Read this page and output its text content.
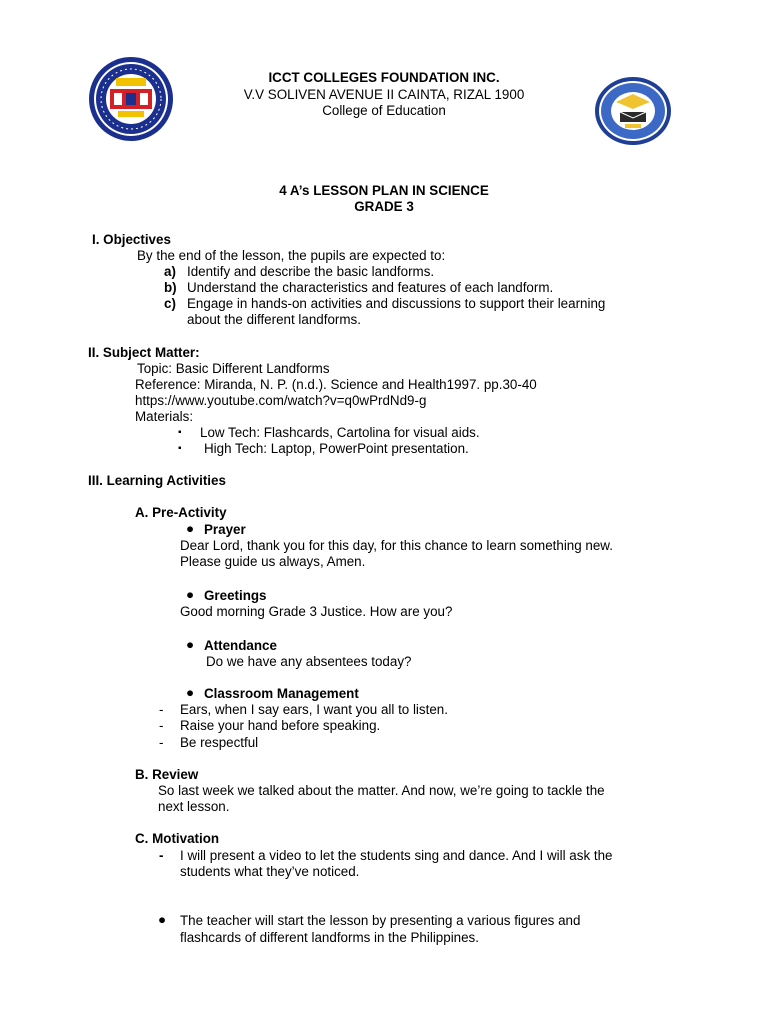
ICCT COLLEGES FOUNDATION INC.
V.V SOLIVEN AVENUE II CAINTA, RIZAL 1900
College of Education
4 A’s LESSON PLAN IN SCIENCE
GRADE 3
I. Objectives
By the end of the lesson, the pupils are expected to:
a) Identify and describe the basic landforms.
b) Understand the characteristics and features of each landform.
c) Engage in hands-on activities and discussions to support their learning
about the different landforms.
II. Subject Matter:
Topic: Basic Different Landforms
Reference: Miranda, N. P. (n.d.). Science and Health1997. pp.30-40
https://www.youtube.com/watch?v=q0wPrdNd9-g
Materials:
▪ Low Tech: Flashcards, Cartolina for visual aids.
▪ High Tech: Laptop, PowerPoint presentation.
III. Learning Activities
A. Pre-Activity
● Prayer
Dear Lord, thank you for this day, for this chance to learn something new.
Please guide us always, Amen.
● Greetings
Good morning Grade 3 Justice. How are you?
● Attendance
Do we have any absentees today?
● Classroom Management
- Ears, when I say ears, I want you all to listen.
- Raise your hand before speaking.
- Be respectful
B. Review
So last week we talked about the matter. And now, we’re going to tackle the
next lesson.
C. Motivation
- I will present a video to let the students sing and dance. And I will ask the
students what they’ve noticed.
● The teacher will start the lesson by presenting a various figures and
flashcards of different landforms in the Philippines.
